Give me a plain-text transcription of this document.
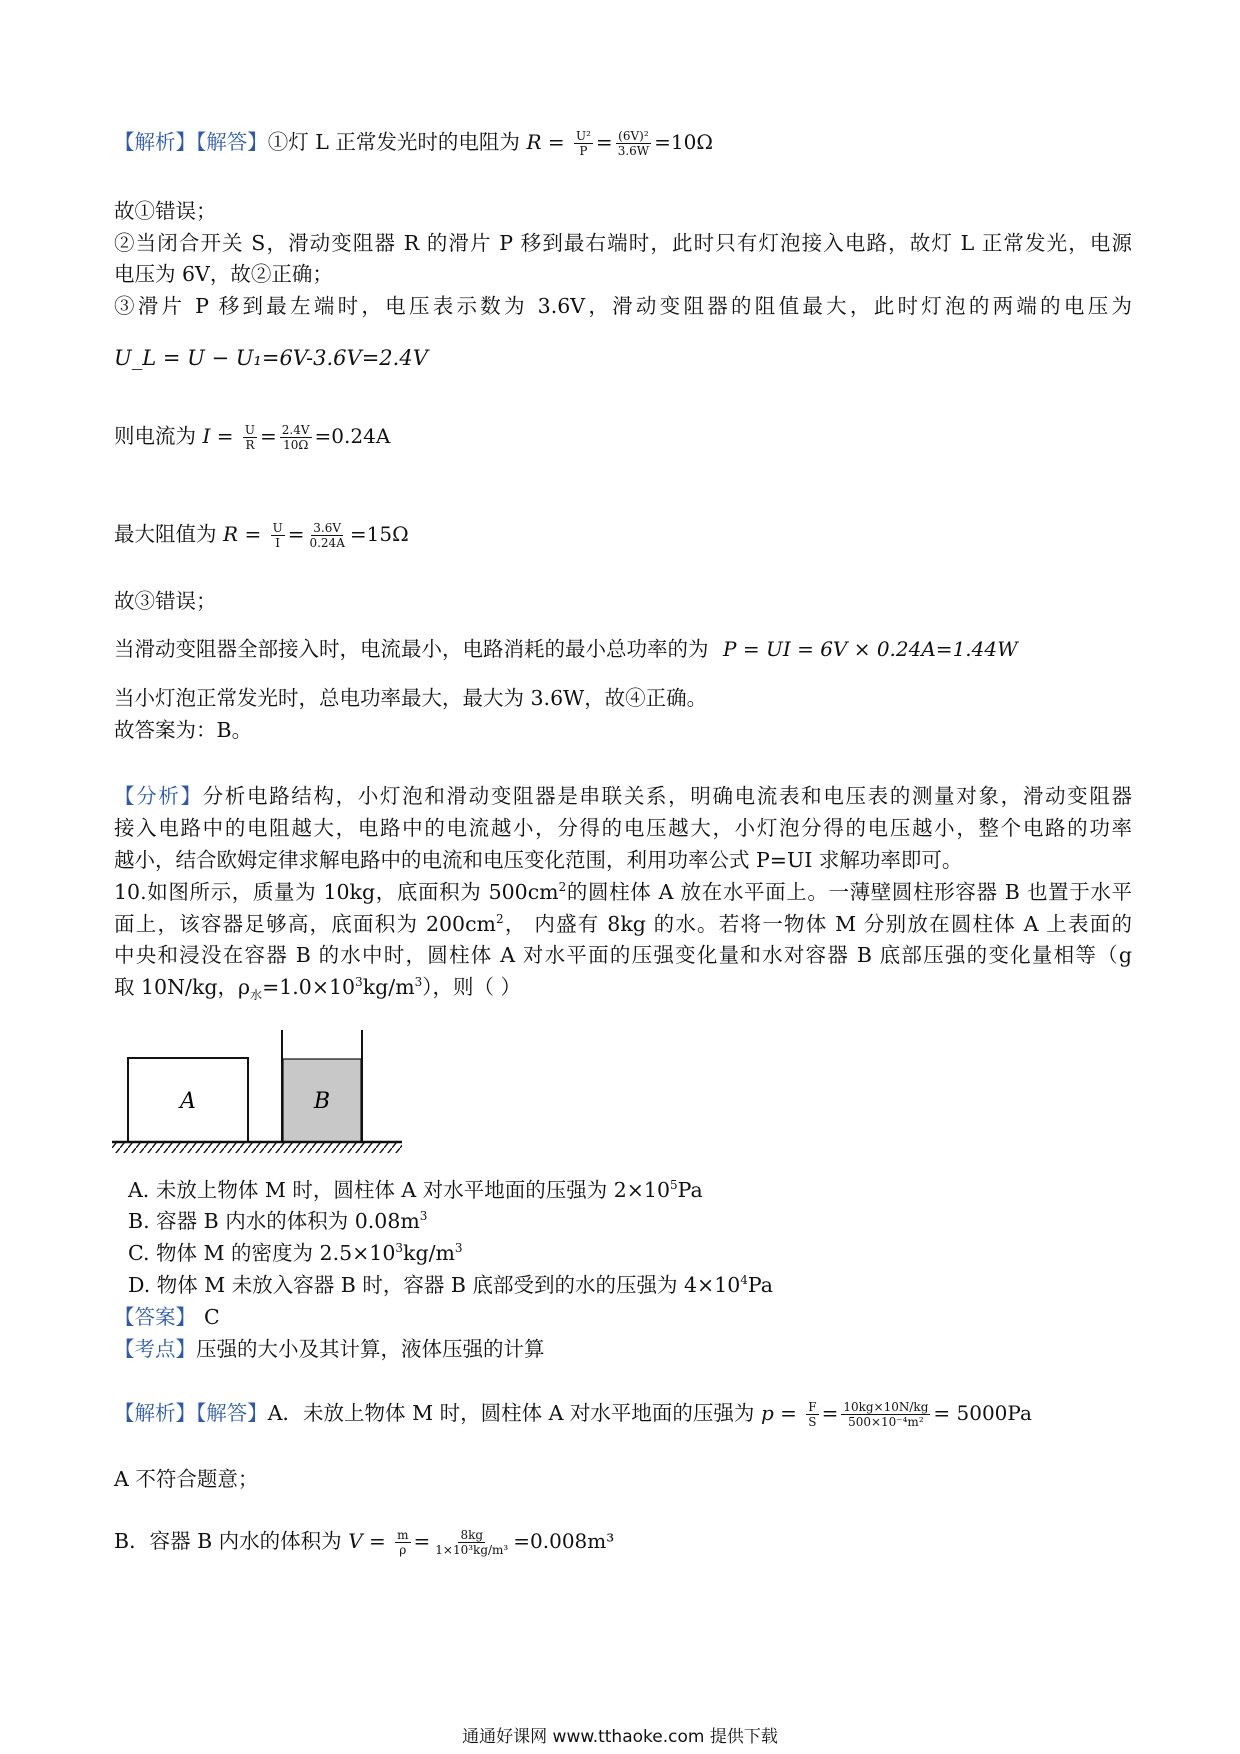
【解析】【解答】①灯 L 正常发光时的电阻为 $R = \frac{\text{U²}}{P} = \frac{\text{(6V)²}}{3.6W} =10\Omega$
故①错误；
②当闭合开关 S，滑动变阻器 R 的滑片 P 移到最右端时，此时只有灯泡接入电路，故灯 L 正常发光，电源
电压为 6V，故②正确；
③滑片 P 移到最左端时，电压表示数为 3.6V，滑动变阻器的阻值最大，此时灯泡的两端的电压为
U_L = U − U₁=6V-3.6V=2.4V
则电流为 $I = \frac{U}{R} = \frac{2.4V}{10\Omega} =0.24A$
最大阻值为 $R = \frac{U}{I} = \frac{3.6V}{0.24A} =15\Omega$
故③错误；
当滑动变阻器全部接入时，电流最小，电路消耗的最小总功率的为 P = UI = 6V × 0.24A=1.44W
当小灯泡正常发光时，总电功率最大，最大为 3.6W，故④正确。
故答案为：B。
【分析】分析电路结构，小灯泡和滑动变阻器是串联关系，明确电流表和电压表的测量对象，滑动变阻器
接入电路中的电阻越大，电路中的电流越小，分得的电压越大，小灯泡分得的电压越小，整个电路的功率
越小，结合欧姆定律求解电路中的电流和电压变化范围，利用功率公式 P=UI 求解功率即可。
10.如图所示，质量为 10kg，底面积为 $500cm^2$的圆柱体 A 放在水平面上。一薄壁圆柱形容器 B 也置于水平
面上，该容器足够高，底面积为 $200cm^2$， 内盛有 8kg 的水。若将一物体 M 分别放在圆柱体 A 上表面的
中央和浸没在容器 B 的水中时，圆柱体 A 对水平面的压强变化量和水对容器 B 底部压强的变化量相等（g
取 10N/kg，$\rho_水=1.0\times 10^3kg/m^3$），则（ ）
A	B
A. 未放上物体 M 时，圆柱体 A 对水平地面的压强为 $2\times 10^5Pa$
B. 容器 B 内水的体积为 $0.08m^3$
C. 物体 M 的密度为 $2.5\times 10^3kg/m^3$
D. 物体 M 未放入容器 B 时，容器 B 底部受到的水的压强为 $4\times 10^4Pa$
【答案】 C
【考点】压强的大小及其计算，液体压强的计算
【解析】【解答】A．未放上物体 M 时，圆柱体 A 对水平地面的压强为 $p = \frac{F}{S} = \frac{10kg\times 10N/kg}{\text{500×10⁻⁴m²}} = 5000Pa$
A 不符合题意；
B．容器 B 内水的体积为 $V = \frac{m}{\rho} = \frac{8kg}{\text{1×10³kg/m³}} =0.008m^3$
通通好课网 www.tthaoke.com 提供下载
